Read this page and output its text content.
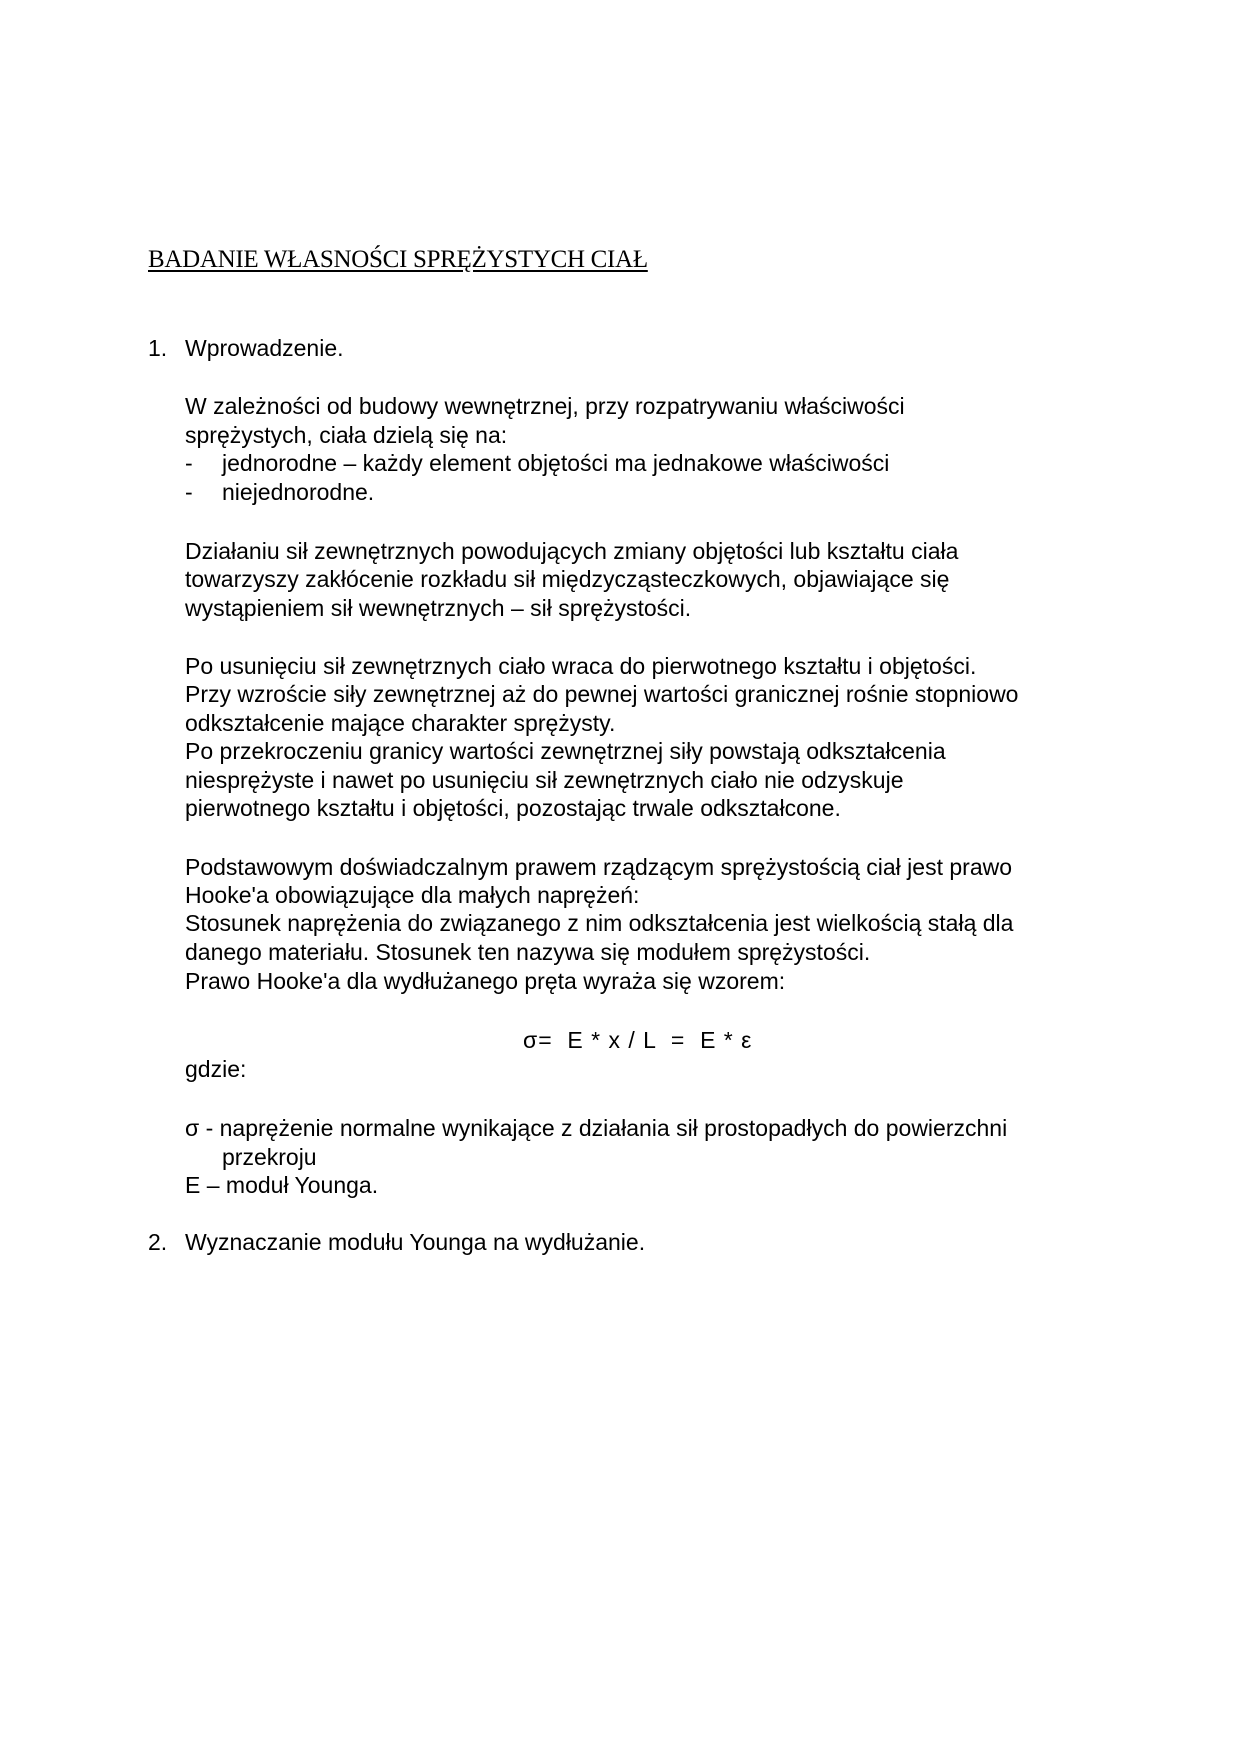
BADANIE WŁASNOŚCI SPRĘŻYSTYCH CIAŁ
1. Wprowadzenie.
W zależności od budowy wewnętrznej, przy rozpatrywaniu właściwości
sprężystych, ciała dzielą się na:
- jednorodne – każdy element objętości ma jednakowe właściwości
- niejednorodne.
Działaniu sił zewnętrznych powodujących zmiany objętości lub kształtu ciała
towarzyszy zakłócenie rozkładu sił międzycząsteczkowych, objawiające się
wystąpieniem sił wewnętrznych – sił sprężystości.
Po usunięciu sił zewnętrznych ciało wraca do pierwotnego kształtu i objętości.
Przy wzroście siły zewnętrznej aż do pewnej wartości granicznej rośnie stopniowo
odkształcenie mające charakter sprężysty.
Po przekroczeniu granicy wartości zewnętrznej siły powstają odkształcenia
niesprężyste i nawet po usunięciu sił zewnętrznych ciało nie odzyskuje
pierwotnego kształtu i objętości, pozostając trwale odkształcone.
Podstawowym doświadczalnym prawem rządzącym sprężystością ciał jest prawo
Hooke'a obowiązujące dla małych naprężeń:
Stosunek naprężenia do związanego z nim odkształcenia jest wielkością stałą dla
danego materiału. Stosunek ten nazywa się modułem sprężystości.
Prawo Hooke'a dla wydłużanego pręta wyraża się wzorem:
σ=  E * x / L  =  E * ε
gdzie:
σ - naprężenie normalne wynikające z działania sił prostopadłych do powierzchni
przekroju
E – moduł Younga.
2. Wyznaczanie modułu Younga na wydłużanie.
